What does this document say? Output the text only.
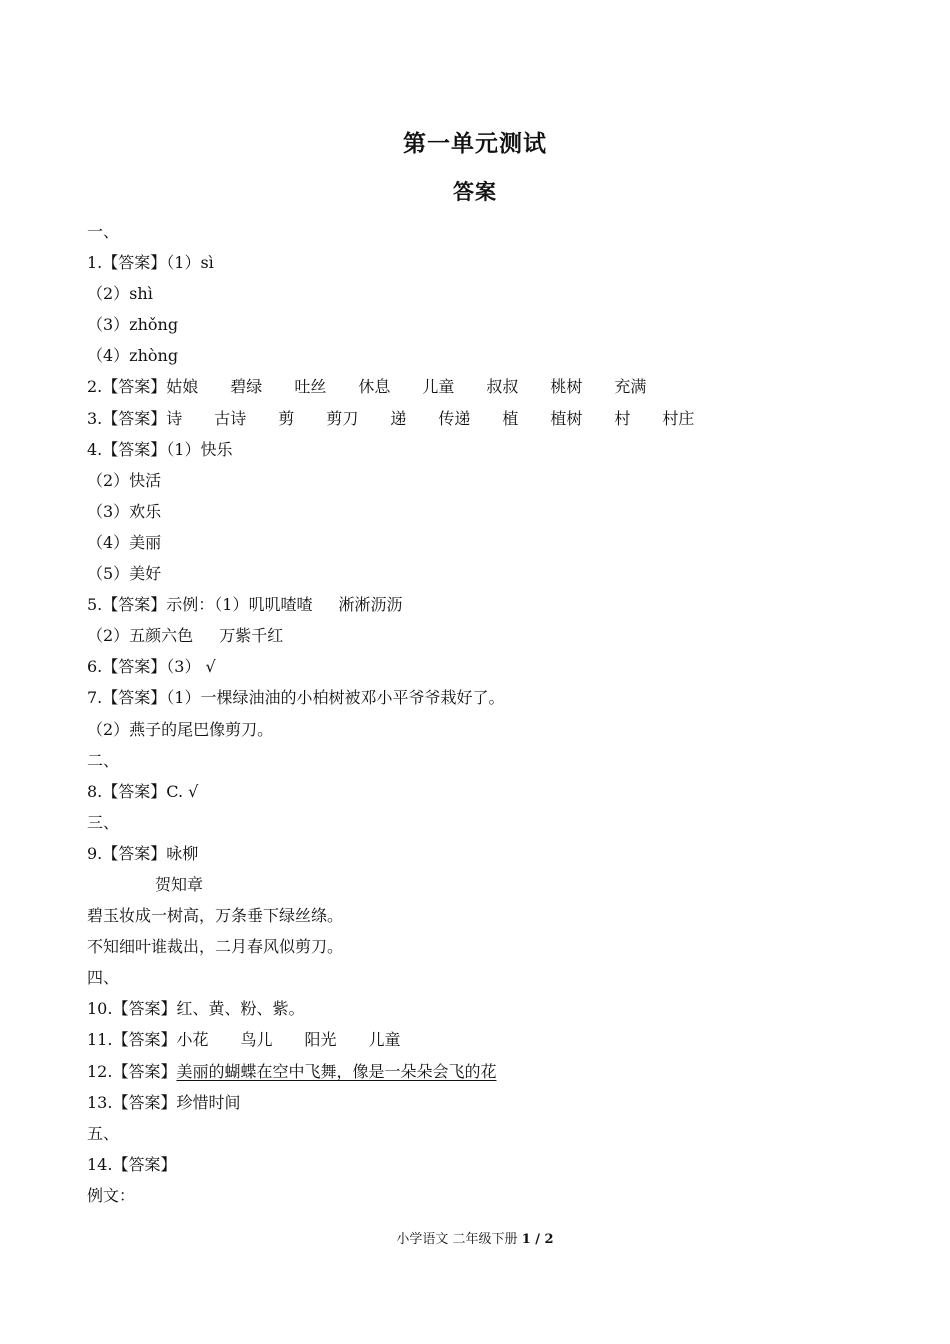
第一单元测试
答案
一、
1.【答案】（1）sì
（2）shì
（3）zhǒng
（4）zhòng
2.【答案】姑娘 碧绿 吐丝 休息 儿童 叔叔 桃树 充满
3.【答案】诗 古诗 剪 剪刀 递 传递 植 植树 村 村庄
4.【答案】（1）快乐
（2）快活
（3）欢乐
（4）美丽
（5）美好
5.【答案】示例：（1）叽叽喳喳 淅淅沥沥
（2）五颜六色 万紫千红
6.【答案】（3） √
7.【答案】（1）一棵绿油油的小柏树被邓小平爷爷栽好了。
（2）燕子的尾巴像剪刀。
二、
8.【答案】C. √
三、
9.【答案】咏柳
贺知章
碧玉妆成一树高，万条垂下绿丝绦。
不知细叶谁裁出，二月春风似剪刀。
四、
10.【答案】红、黄、粉、紫。
11.【答案】小花 鸟儿 阳光 儿童
12.【答案】美丽的蝴蝶在空中飞舞，像是一朵朵会飞的花
13.【答案】珍惜时间
五、
14.【答案】
例文：
小学语文 二年级下册 1 / 2
